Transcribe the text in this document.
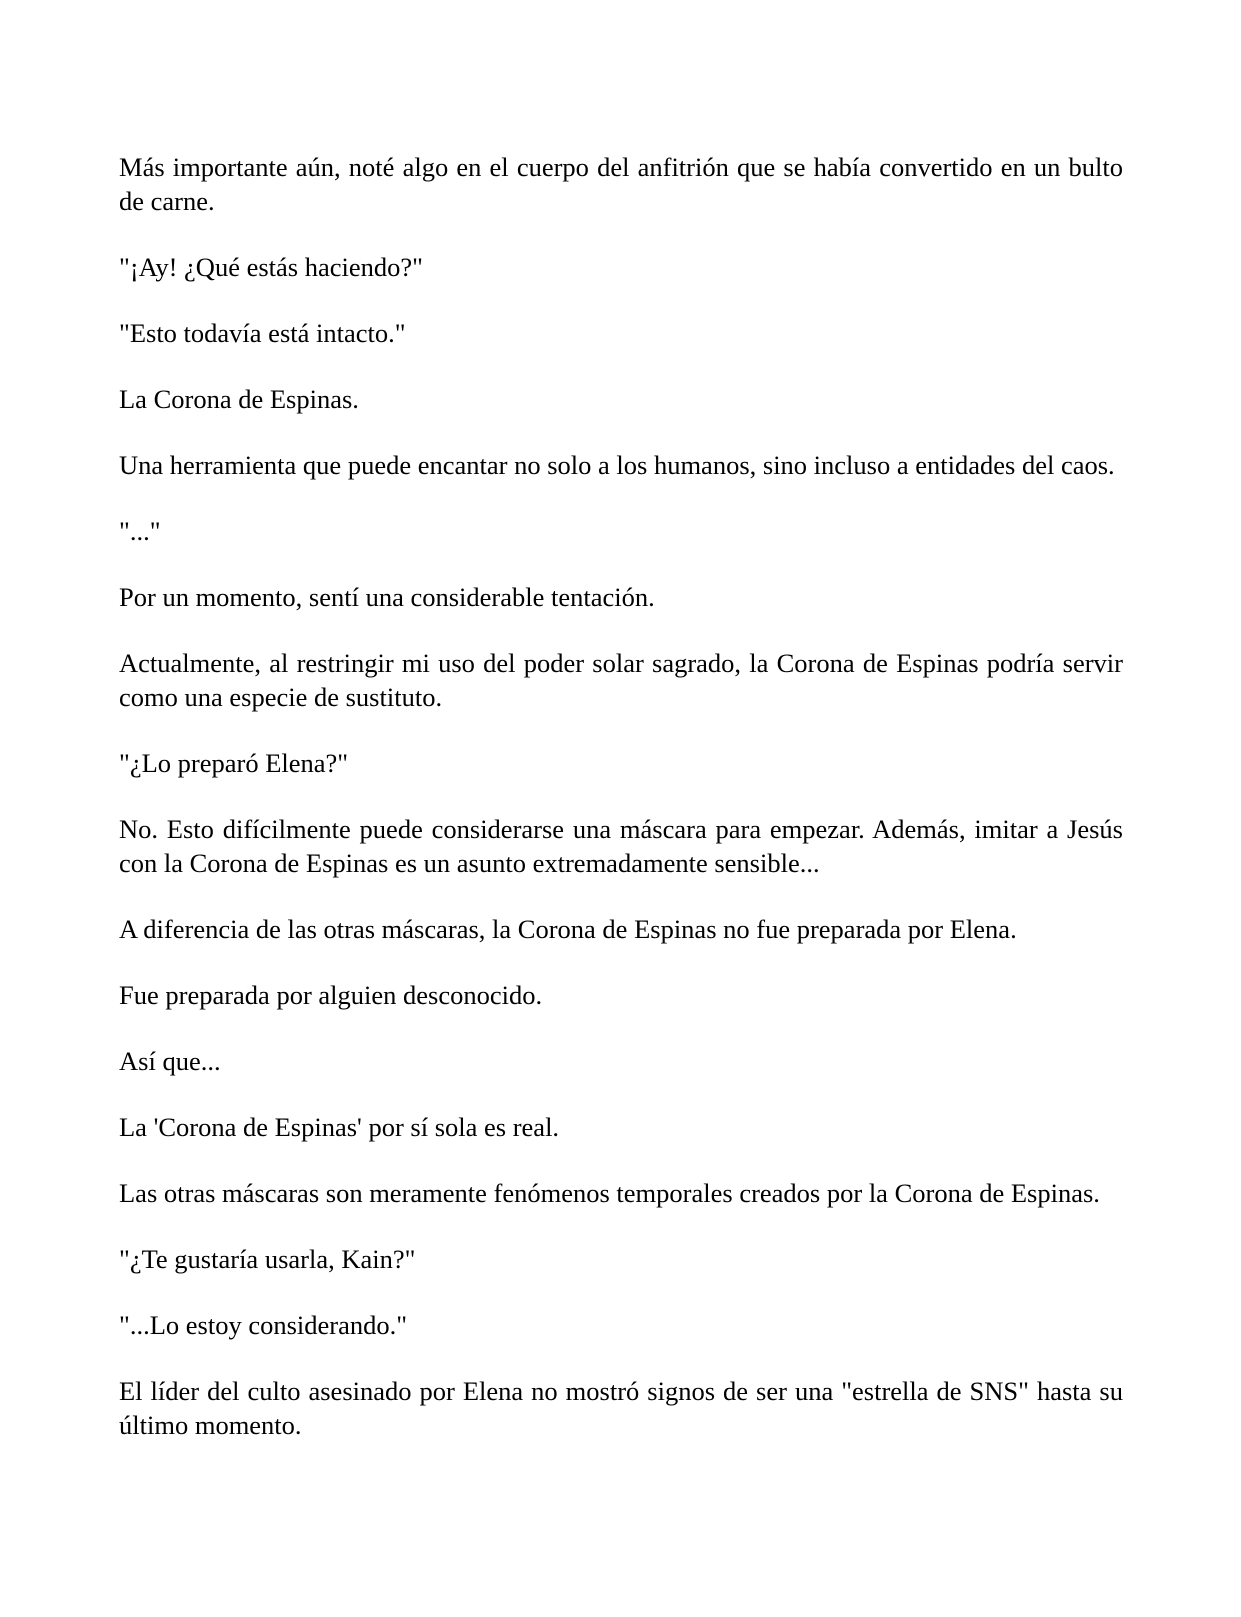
Más importante aún, noté algo en el cuerpo del anfitrión que se había convertido en un bulto de carne.

"¡Ay! ¿Qué estás haciendo?"

"Esto todavía está intacto."

La Corona de Espinas.

Una herramienta que puede encantar no solo a los humanos, sino incluso a entidades del caos.

"..."

Por un momento, sentí una considerable tentación.

Actualmente, al restringir mi uso del poder solar sagrado, la Corona de Espinas podría servir como una especie de sustituto.

"¿Lo preparó Elena?"

No. Esto difícilmente puede considerarse una máscara para empezar. Además, imitar a Jesús con la Corona de Espinas es un asunto extremadamente sensible...

A diferencia de las otras máscaras, la Corona de Espinas no fue preparada por Elena.

Fue preparada por alguien desconocido.

Así que...

La 'Corona de Espinas' por sí sola es real.

Las otras máscaras son meramente fenómenos temporales creados por la Corona de Espinas.

"¿Te gustaría usarla, Kain?"

"...Lo estoy considerando."

El líder del culto asesinado por Elena no mostró signos de ser una "estrella de SNS" hasta su último momento.
